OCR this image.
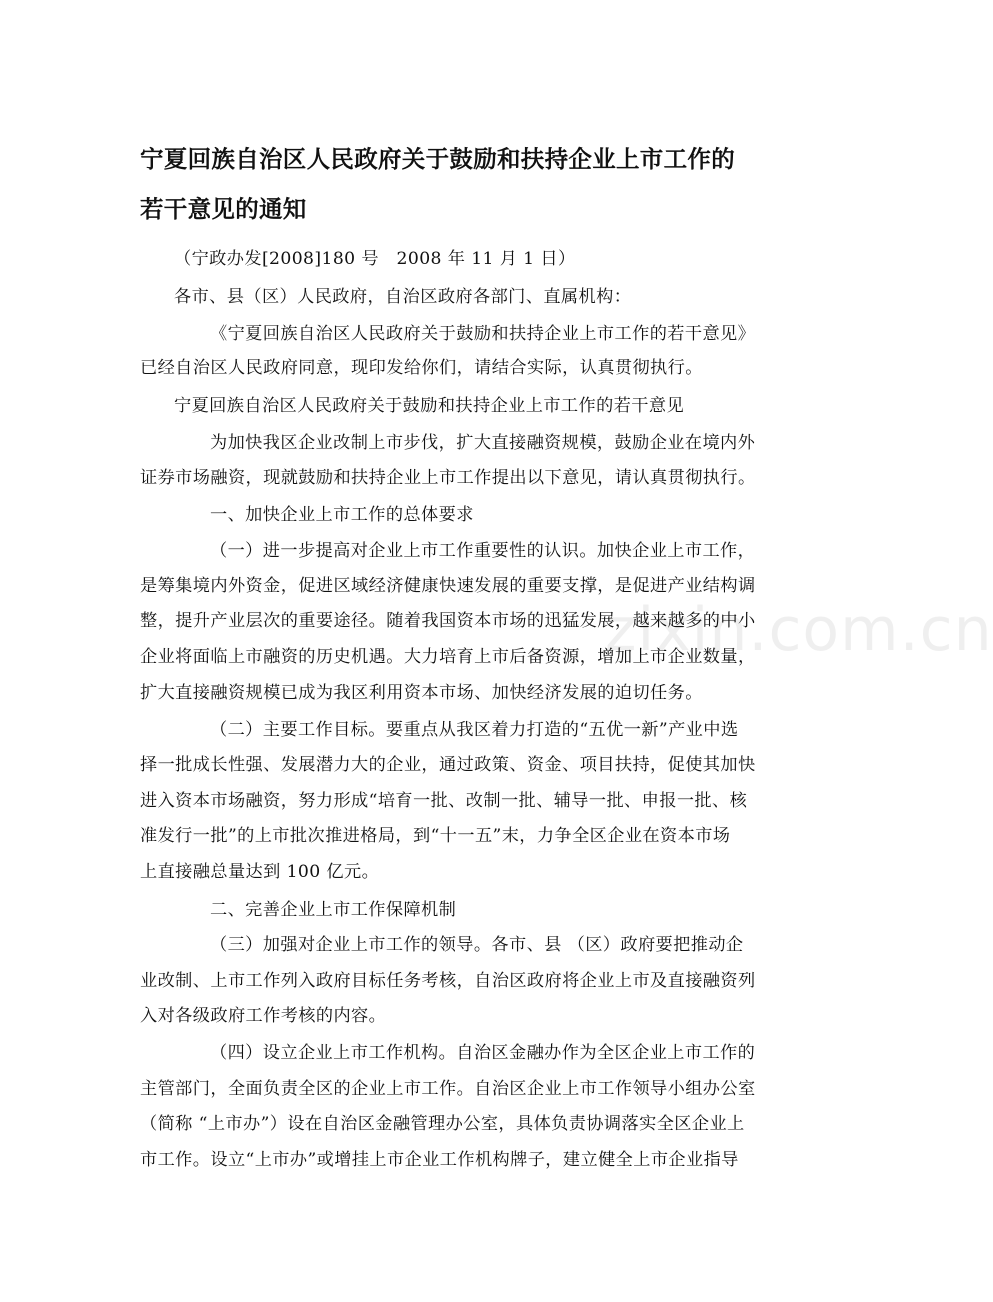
宁夏回族自治区人民政府关于鼓励和扶持企业上市工作的
若干意见的通知
（宁政办发[2008]180 号　2008 年 11 月 1 日）
各市、县（区）人民政府，自治区政府各部门、直属机构：
《宁夏回族自治区人民政府关于鼓励和扶持企业上市工作的若干意见》
已经自治区人民政府同意，现印发给你们，请结合实际，认真贯彻执行。
宁夏回族自治区人民政府关于鼓励和扶持企业上市工作的若干意见
为加快我区企业改制上市步伐，扩大直接融资规模，鼓励企业在境内外
证券市场融资，现就鼓励和扶持企业上市工作提出以下意见，请认真贯彻执行。
一、加快企业上市工作的总体要求
（一）进一步提高对企业上市工作重要性的认识。加快企业上市工作，
是筹集境内外资金，促进区域经济健康快速发展的重要支撑，是促进产业结构调
整，提升产业层次的重要途径。随着我国资本市场的迅猛发展，越来越多的中小
企业将面临上市融资的历史机遇。大力培育上市后备资源，增加上市企业数量，
扩大直接融资规模已成为我区利用资本市场、加快经济发展的迫切任务。
（二）主要工作目标。要重点从我区着力打造的“五优一新”产业中选
择一批成长性强、发展潜力大的企业，通过政策、资金、项目扶持，促使其加快
进入资本市场融资，努力形成“培育一批、改制一批、辅导一批、申报一批、核
准发行一批”的上市批次推进格局，到“十一五”末，力争全区企业在资本市场
上直接融总量达到 100 亿元。
二、完善企业上市工作保障机制
（三）加强对企业上市工作的领导。各市、县 （区）政府要把推动企
业改制、上市工作列入政府目标任务考核，自治区政府将企业上市及直接融资列
入对各级政府工作考核的内容。
（四）设立企业上市工作机构。自治区金融办作为全区企业上市工作的
主管部门，全面负责全区的企业上市工作。自治区企业上市工作领导小组办公室
（简称 “上市办”）设在自治区金融管理办公室，具体负责协调落实全区企业上
市工作。设立“上市办”或增挂上市企业工作机构牌子，建立健全上市企业指导
zixin.com.cn
